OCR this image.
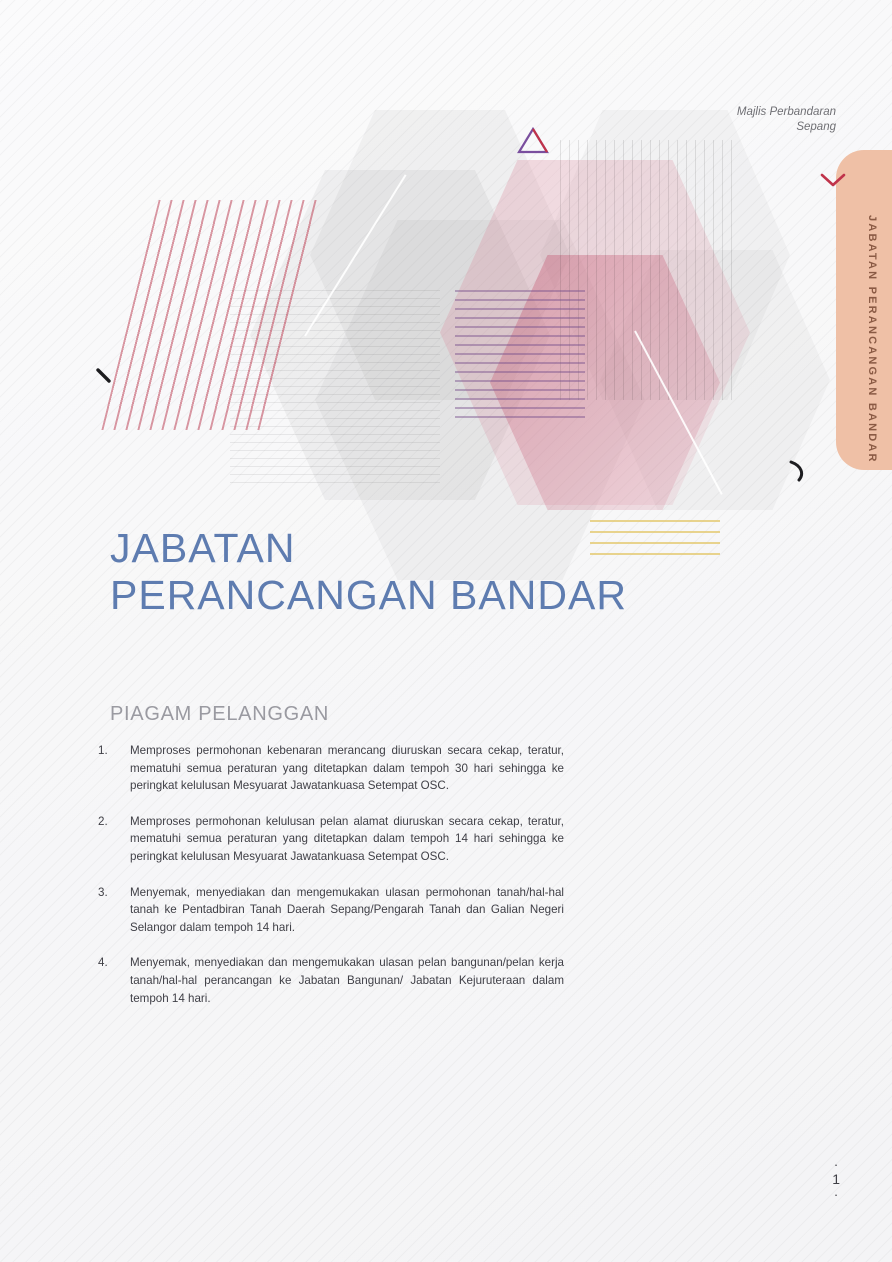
JABATAN PERANCANGAN BANDAR
Majlis Perbandaran Sepang
JABATAN PERANCANGAN BANDAR
PIAGAM PELANGGAN
1.	Memproses permohonan kebenaran merancang diuruskan secara cekap, teratur, mematuhi semua peraturan yang ditetapkan dalam tempoh 30 hari sehingga ke peringkat kelulusan Mesyuarat Jawatankuasa Setempat OSC.
2.	Memproses permohonan kelulusan pelan alamat diuruskan secara cekap, teratur, mematuhi semua peraturan yang ditetapkan dalam tempoh 14 hari sehingga ke peringkat kelulusan Mesyuarat Jawatankuasa Setempat OSC.
3.	Menyemak, menyediakan dan mengemukakan ulasan permohonan tanah/hal-hal tanah ke Pentadbiran Tanah Daerah Sepang/Pengarah Tanah dan Galian Negeri Selangor dalam tempoh 14 hari.
4.	Menyemak, menyediakan dan mengemukakan ulasan pelan bangunan/pelan kerja tanah/hal-hal perancangan ke Jabatan Bangunan/ Jabatan Kejuruteraan dalam tempoh 14 hari.
·
1
·
